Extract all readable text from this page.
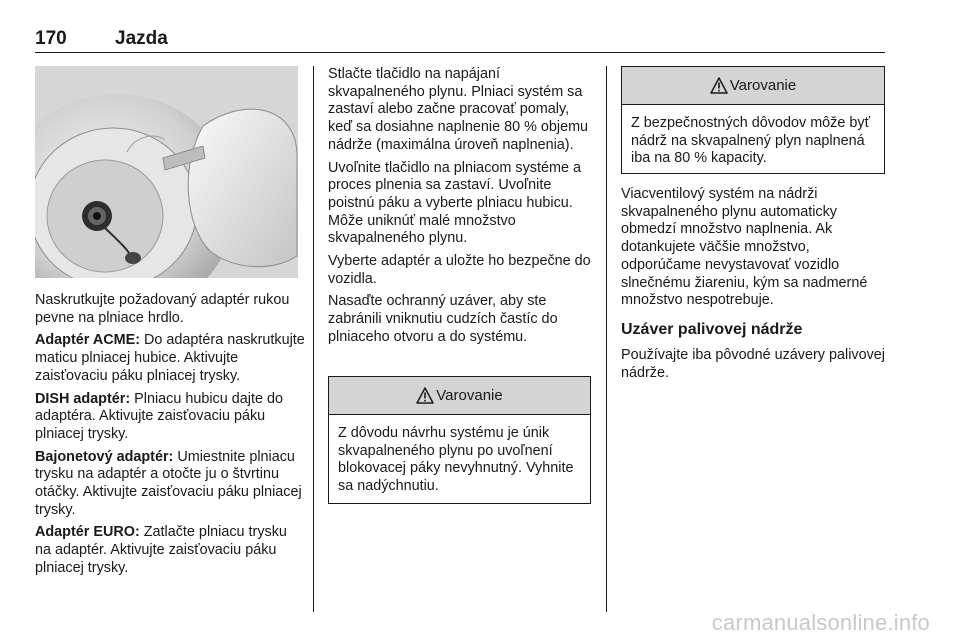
170	Jazda

Naskrutkujte požadovaný adaptér rukou pevne na plniace hrdlo.

Adaptér ACME: Do adaptéra naskrutkujte maticu plniacej hubice. Aktivujte zaisťovaciu páku plniacej trysky.

DISH adaptér: Plniacu hubicu dajte do adaptéra. Aktivujte zaisťovaciu páku plniacej trysky.

Bajonetový adaptér: Umiestnite plniacu trysku na adaptér a otočte ju o štvrtinu otáčky. Aktivujte zaisťovaciu páku plniacej trysky.

Adaptér EURO: Zatlačte plniacu trysku na adaptér. Aktivujte zaisťovaciu páku plniacej trysky.

Stlačte tlačidlo na napájaní skvapalneného plynu. Plniaci systém sa zastaví alebo začne pracovať pomaly, keď sa dosiahne naplnenie 80 % objemu nádrže (maximálna úroveň naplnenia).

Uvoľnite tlačidlo na plniacom systéme a proces plnenia sa zastaví. Uvoľnite poistnú páku a vyberte plniacu hubicu. Môže uniknúť malé množstvo skvapalneného plynu.

Vyberte adaptér a uložte ho bezpečne do vozidla.

Nasaďte ochranný uzáver, aby ste zabránili vniknutiu cudzích častíc do plniaceho otvoru a do systému.

Varovanie
Z dôvodu návrhu systému je únik skvapalneného plynu po uvoľnení blokovacej páky nevyhnutný. Vyhnite sa nadýchnutiu.
Varovanie
Z bezpečnostných dôvodov môže byť nádrž na skvapalnený plyn naplnená iba na 80 % kapacity.

Viacventilový systém na nádrži skvapalneného plynu automaticky obmedzí množstvo naplnenia. Ak dotankujete väčšie množstvo, odporúčame nevystavovať vozidlo slnečnému žiareniu, kým sa nadmerné množstvo nespotrebuje.

Uzáver palivovej nádrže

Používajte iba pôvodné uzávery palivovej nádrže.

carmanualsonline.info
